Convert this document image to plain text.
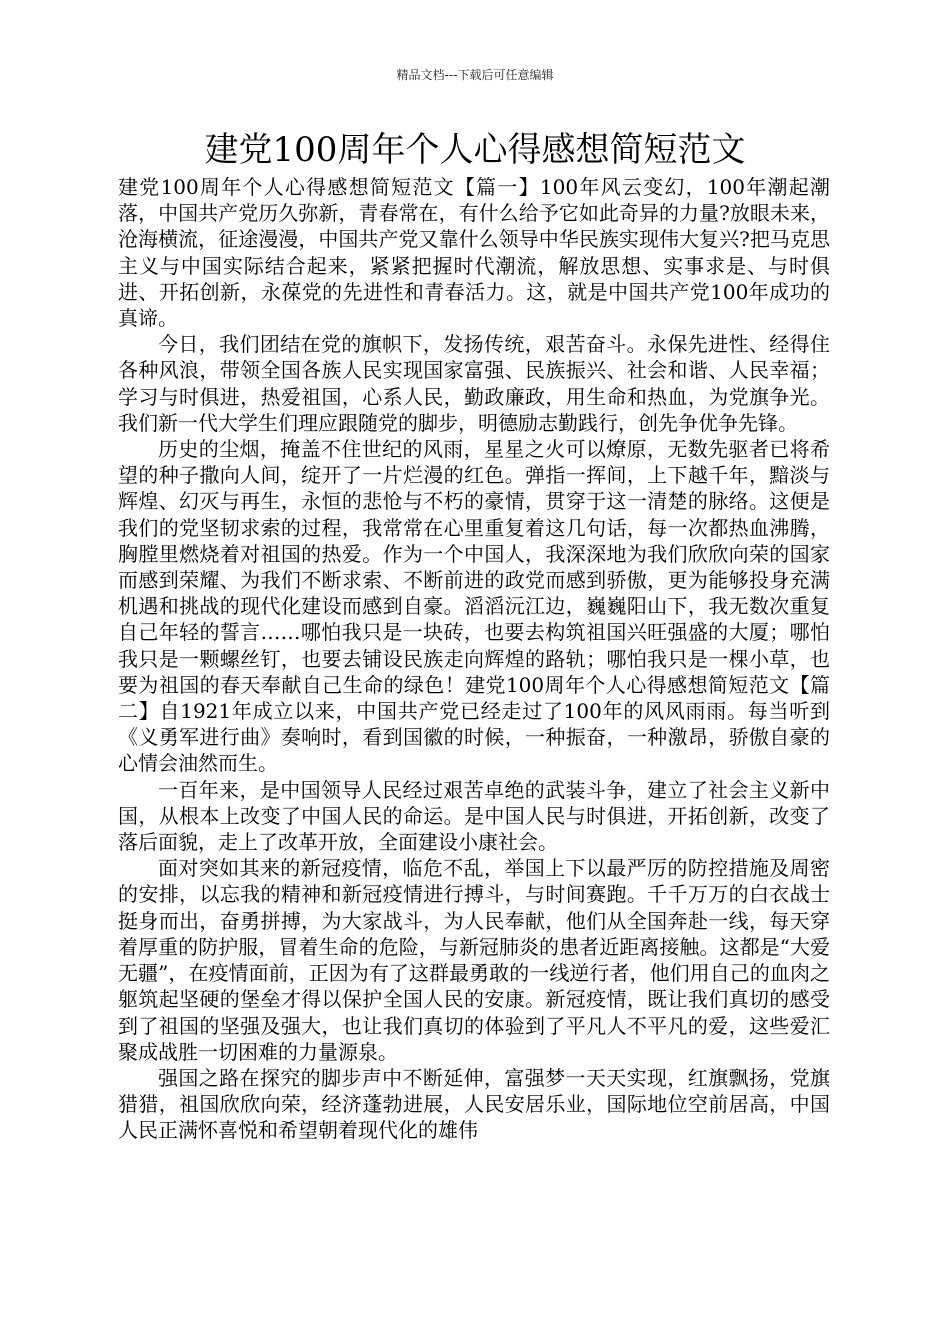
精品文档---下载后可任意编辑
建党100周年个人心得感想简短范文

建党100周年个人心得感想简短范文【篇一】100年风云变幻，100年潮起潮落，中国共产党历久弥新，青春常在，有什么给予它如此奇异的力量?放眼未来，沧海横流，征途漫漫，中国共产党又靠什么领导中华民族实现伟大复兴?把马克思主义与中国实际结合起来，紧紧把握时代潮流，解放思想、实事求是、与时俱进、开拓创新，永葆党的先进性和青春活力。这，就是中国共产党100年成功的真谛。

今日，我们团结在党的旗帜下，发扬传统，艰苦奋斗。永保先进性、经得住各种风浪，带领全国各族人民实现国家富强、民族振兴、社会和谐、人民幸福；学习与时俱进，热爱祖国，心系人民，勤政廉政，用生命和热血，为党旗争光。我们新一代大学生们理应跟随党的脚步，明德励志勤践行，创先争优争先锋。

历史的尘烟，掩盖不住世纪的风雨，星星之火可以燎原，无数先驱者已将希望的种子撒向人间，绽开了一片烂漫的红色。弹指一挥间，上下越千年，黯淡与辉煌、幻灭与再生，永恒的悲怆与不朽的豪情，贯穿于这一清楚的脉络。这便是我们的党坚韧求索的过程，我常常在心里重复着这几句话，每一次都热血沸腾，胸膛里燃烧着对祖国的热爱。作为一个中国人，我深深地为我们欣欣向荣的国家而感到荣耀、为我们不断求索、不断前进的政党而感到骄傲，更为能够投身充满机遇和挑战的现代化建设而感到自豪。滔滔沅江边，巍巍阳山下，我无数次重复自己年轻的誓言……哪怕我只是一块砖，也要去构筑祖国兴旺强盛的大厦；哪怕我只是一颗螺丝钉，也要去铺设民族走向辉煌的路轨；哪怕我只是一棵小草，也要为祖国的春天奉献自己生命的绿色！建党100周年个人心得感想简短范文【篇二】自1921年成立以来，中国共产党已经走过了100年的风风雨雨。每当听到《义勇军进行曲》奏响时，看到国徽的时候，一种振奋，一种激昂，骄傲自豪的心情会油然而生。

一百年来，是中国领导人民经过艰苦卓绝的武装斗争，建立了社会主义新中国，从根本上改变了中国人民的命运。是中国人民与时俱进，开拓创新，改变了落后面貌，走上了改革开放，全面建设小康社会。

面对突如其来的新冠疫情，临危不乱，举国上下以最严厉的防控措施及周密的安排，以忘我的精神和新冠疫情进行搏斗，与时间赛跑。千千万万的白衣战士挺身而出，奋勇拼搏，为大家战斗，为人民奉献，他们从全国奔赴一线，每天穿着厚重的防护服，冒着生命的危险，与新冠肺炎的患者近距离接触。这都是“大爱无疆”，在疫情面前，正因为有了这群最勇敢的一线逆行者，他们用自己的血肉之躯筑起坚硬的堡垒才得以保护全国人民的安康。新冠疫情，既让我们真切的感受到了祖国的坚强及强大，也让我们真切的体验到了平凡人不平凡的爱，这些爱汇聚成战胜一切困难的力量源泉。

强国之路在探究的脚步声中不断延伸，富强梦一天天实现，红旗飘扬，党旗猎猎，祖国欣欣向荣，经济蓬勃进展，人民安居乐业，国际地位空前居高，中国人民正满怀喜悦和希望朝着现代化的雄伟
